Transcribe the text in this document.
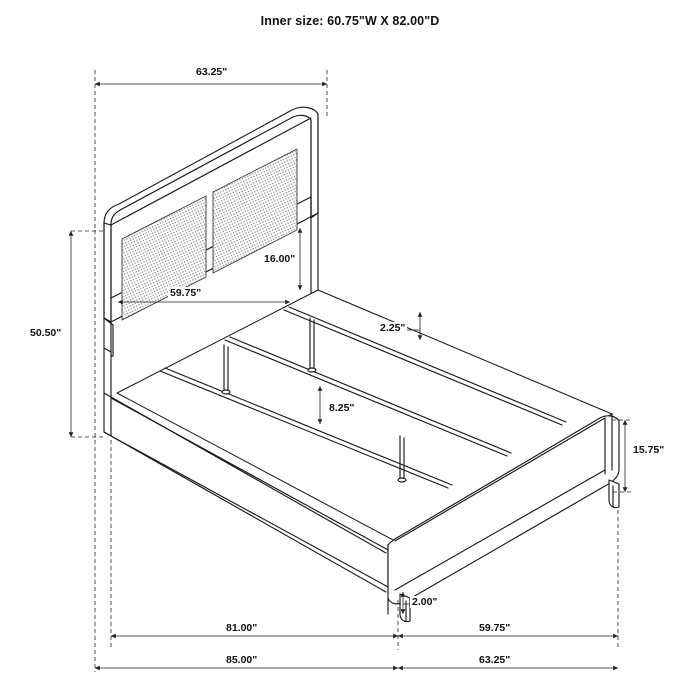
Inner size: 60.75"W X 82.00"D
63.25"
59.75"
16.00"
50.50"	2.25"
8.25"
15.75"
2.00"
81.00"	59.75"
85.00"	63.25"
